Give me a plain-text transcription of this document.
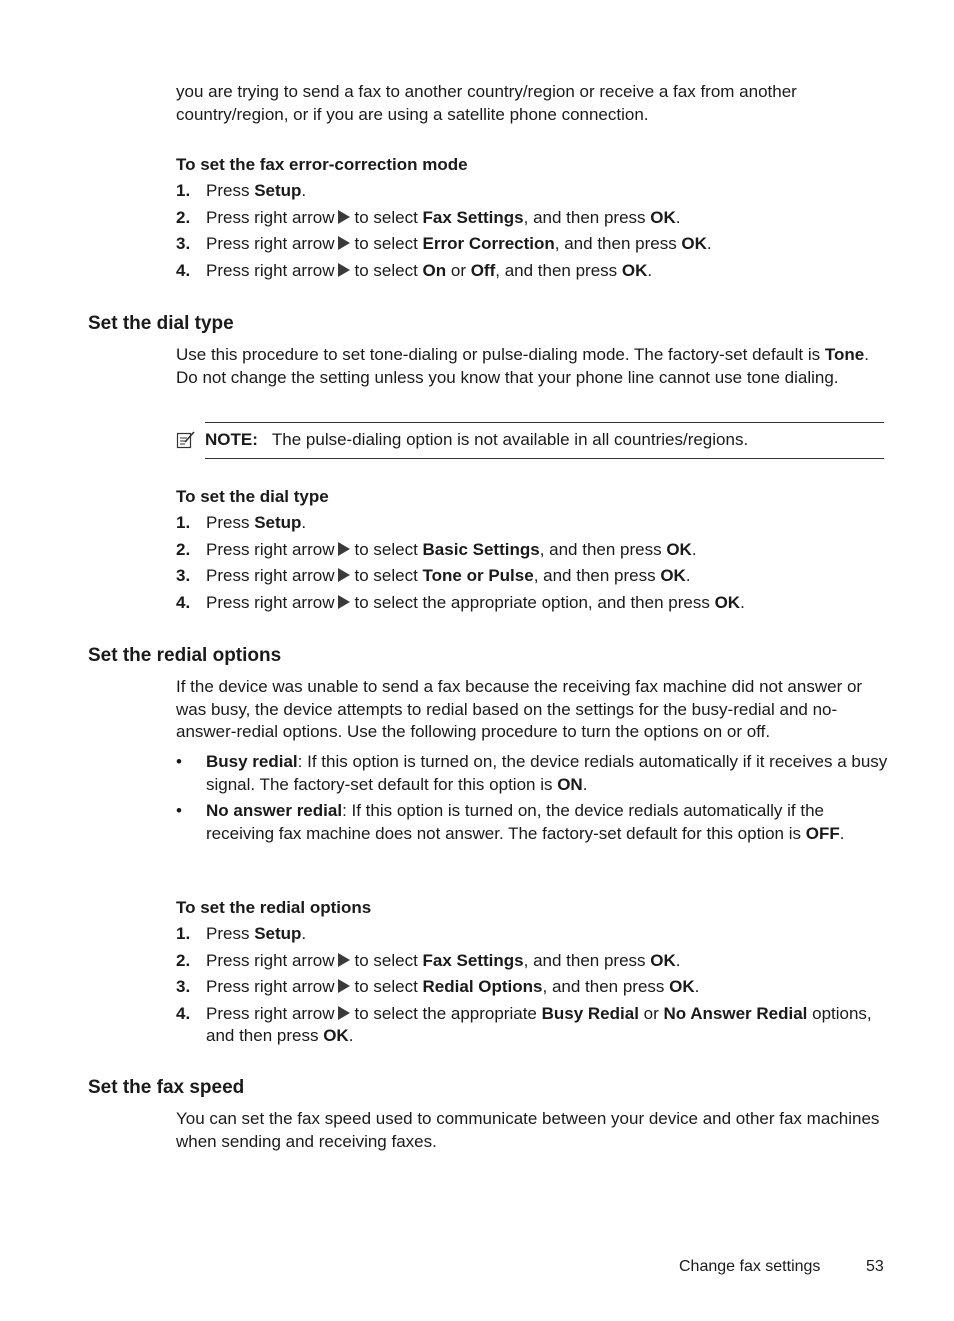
you are trying to send a fax to another country/region or receive a fax from another country/region, or if you are using a satellite phone connection.

To set the fax error-correction mode

1. Press Setup.
2. Press right arrow to select Fax Settings, and then press OK.
3. Press right arrow to select Error Correction, and then press OK.
4. Press right arrow to select On or Off, and then press OK.
Set the dial type

Use this procedure to set tone-dialing or pulse-dialing mode. The factory-set default is Tone. Do not change the setting unless you know that your phone line cannot use tone dialing.

NOTE: The pulse-dialing option is not available in all countries/regions.

To set the dial type

1. Press Setup.
2. Press right arrow to select Basic Settings, and then press OK.
3. Press right arrow to select Tone or Pulse, and then press OK.
4. Press right arrow to select the appropriate option, and then press OK.
Set the redial options

If the device was unable to send a fax because the receiving fax machine did not answer or was busy, the device attempts to redial based on the settings for the busy-redial and no-answer-redial options. Use the following procedure to turn the options on or off.

• Busy redial: If this option is turned on, the device redials automatically if it receives a busy signal. The factory-set default for this option is ON.
• No answer redial: If this option is turned on, the device redials automatically if the receiving fax machine does not answer. The factory-set default for this option is OFF.

To set the redial options

1. Press Setup.
2. Press right arrow to select Fax Settings, and then press OK.
3. Press right arrow to select Redial Options, and then press OK.
4. Press right arrow to select the appropriate Busy Redial or No Answer Redial options, and then press OK.
Set the fax speed

You can set the fax speed used to communicate between your device and other fax machines when sending and receiving faxes.

Change fax settings	53
